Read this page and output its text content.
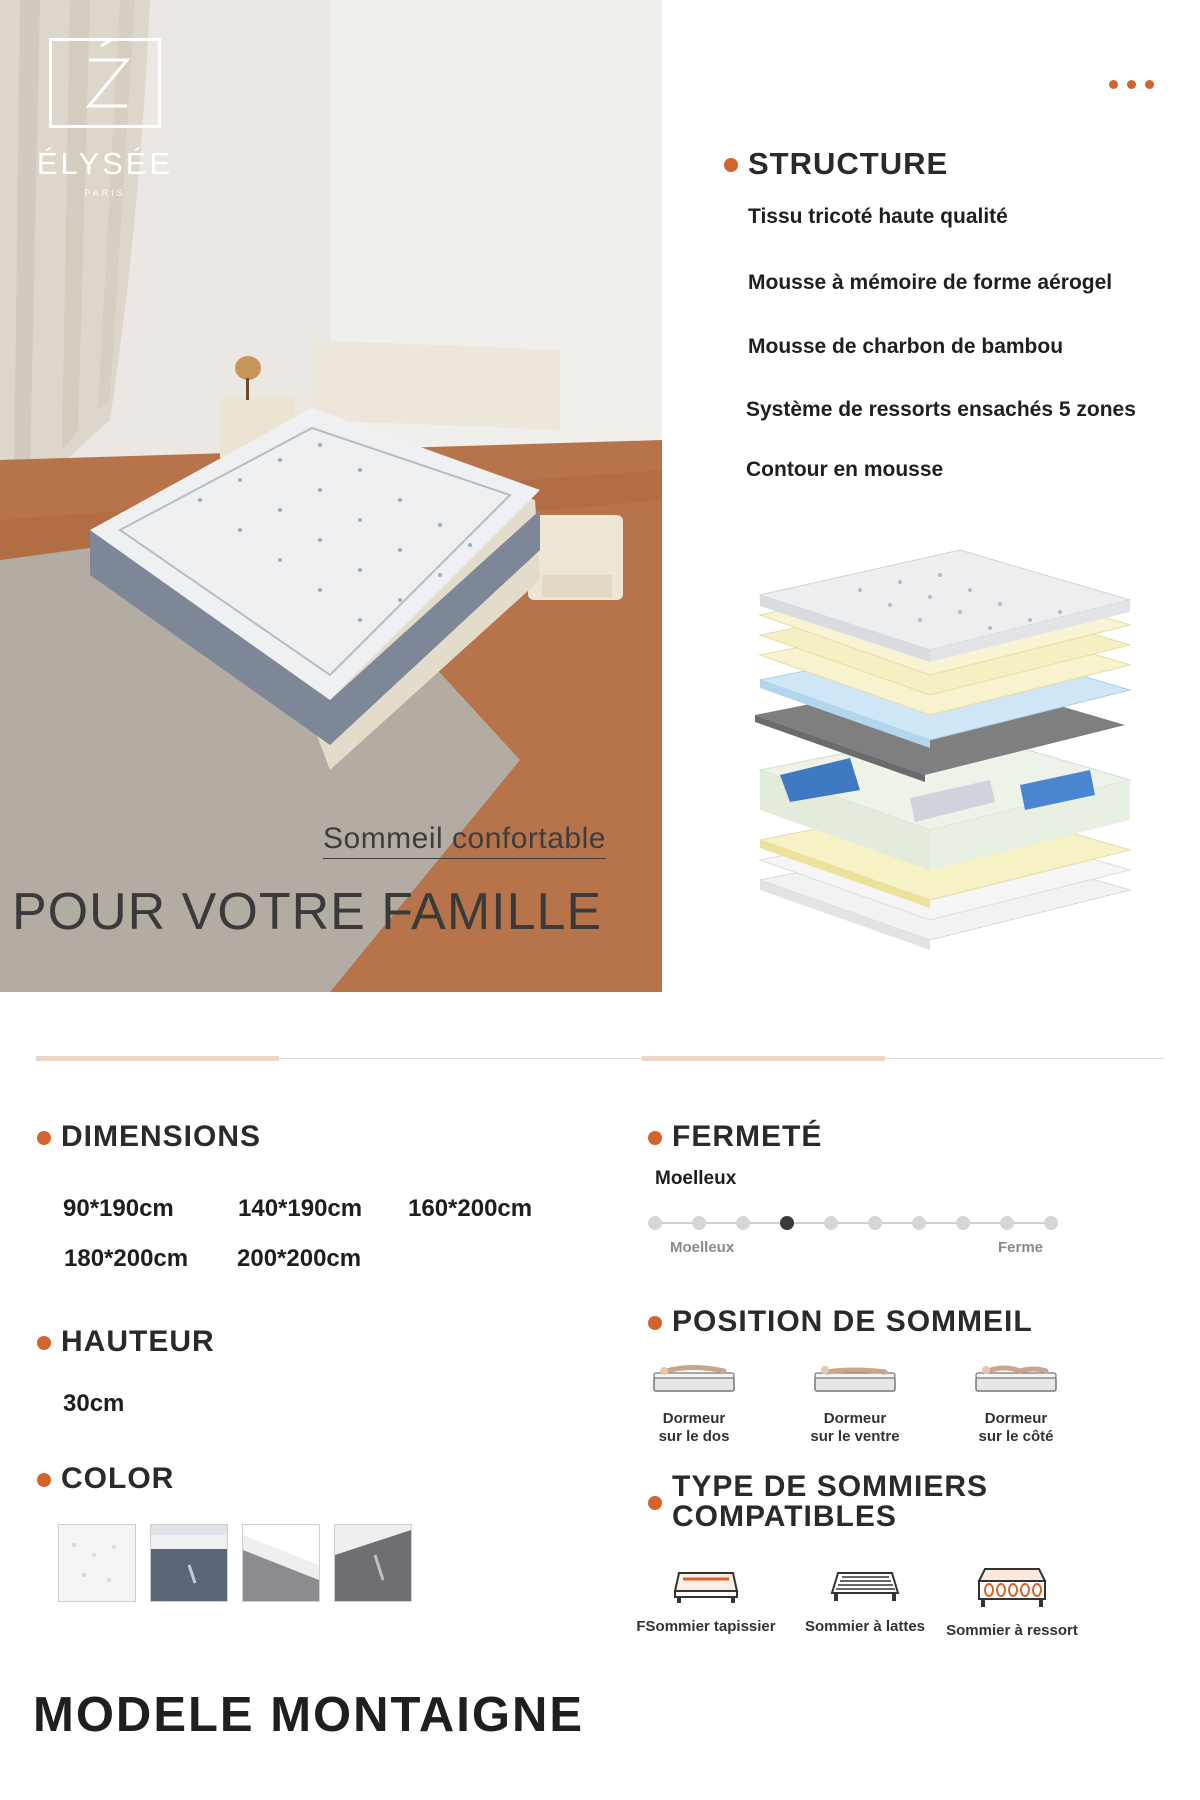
ÉLYSÉE
PARIS
Sommeil confortable
POUR VOTRE FAMILLE
STRUCTURE
Tissu tricoté haute qualité
Mousse à mémoire de forme aérogel
Mousse de charbon de bambou
Système de ressorts ensachés 5 zones
Contour en mousse
DIMENSIONS
90*190cm	140*190cm 160*200cm
180*200cm 200*200cm
HAUTEUR
30cm
COLOR
FERMETÉ
Moelleux
Moelleux	Ferme
POSITION DE SOMMEIL
Dormeur
sur le dos
Dormeur
sur le ventre
Dormeur
sur le côté
TYPE DE SOMMIERS
COMPATIBLES
FSommier tapissier	Sommier à lattes	Sommier à ressort
MODELE MONTAIGNE
